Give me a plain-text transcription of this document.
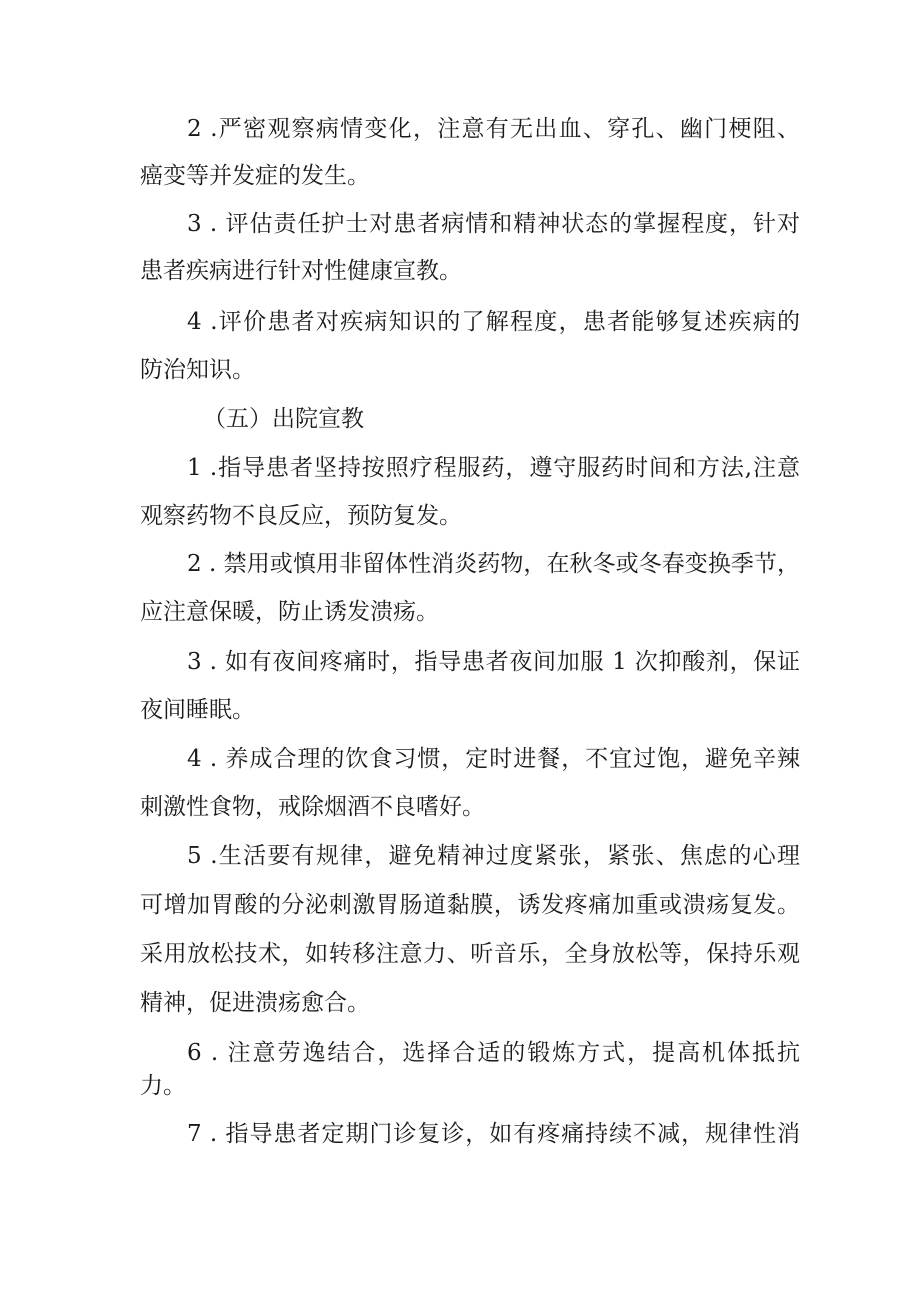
2 .严密观察病情变化，注意有无出血、穿孔、幽门梗阻、
癌变等并发症的发生。
3 . 评估责任护士对患者病情和精神状态的掌握程度，针对
患者疾病进行针对性健康宣教。
4 .评价患者对疾病知识的了解程度，患者能够复述疾病的
防治知识。
（五）出院宣教
1 .指导患者坚持按照疗程服药，遵守服药时间和方法,注意
观察药物不良反应，预防复发。
2 . 禁用或慎用非留体性消炎药物，在秋冬或冬春变换季节，
应注意保暖，防止诱发溃疡。
3 . 如有夜间疼痛时，指导患者夜间加服 1 次抑酸剂，保证
夜间睡眠。
4 . 养成合理的饮食习惯，定时进餐，不宜过饱，避免辛辣
刺激性食物，戒除烟酒不良嗜好。
5 .生活要有规律，避免精神过度紧张，紧张、焦虑的心理
可增加胃酸的分泌刺激胃肠道黏膜，诱发疼痛加重或溃疡复发。
采用放松技术，如转移注意力、听音乐，全身放松等，保持乐观
精神，促进溃疡愈合。
6 . 注意劳逸结合，选择合适的锻炼方式，提高机体抵抗
力。
7 . 指导患者定期门诊复诊，如有疼痛持续不减，规律性消
